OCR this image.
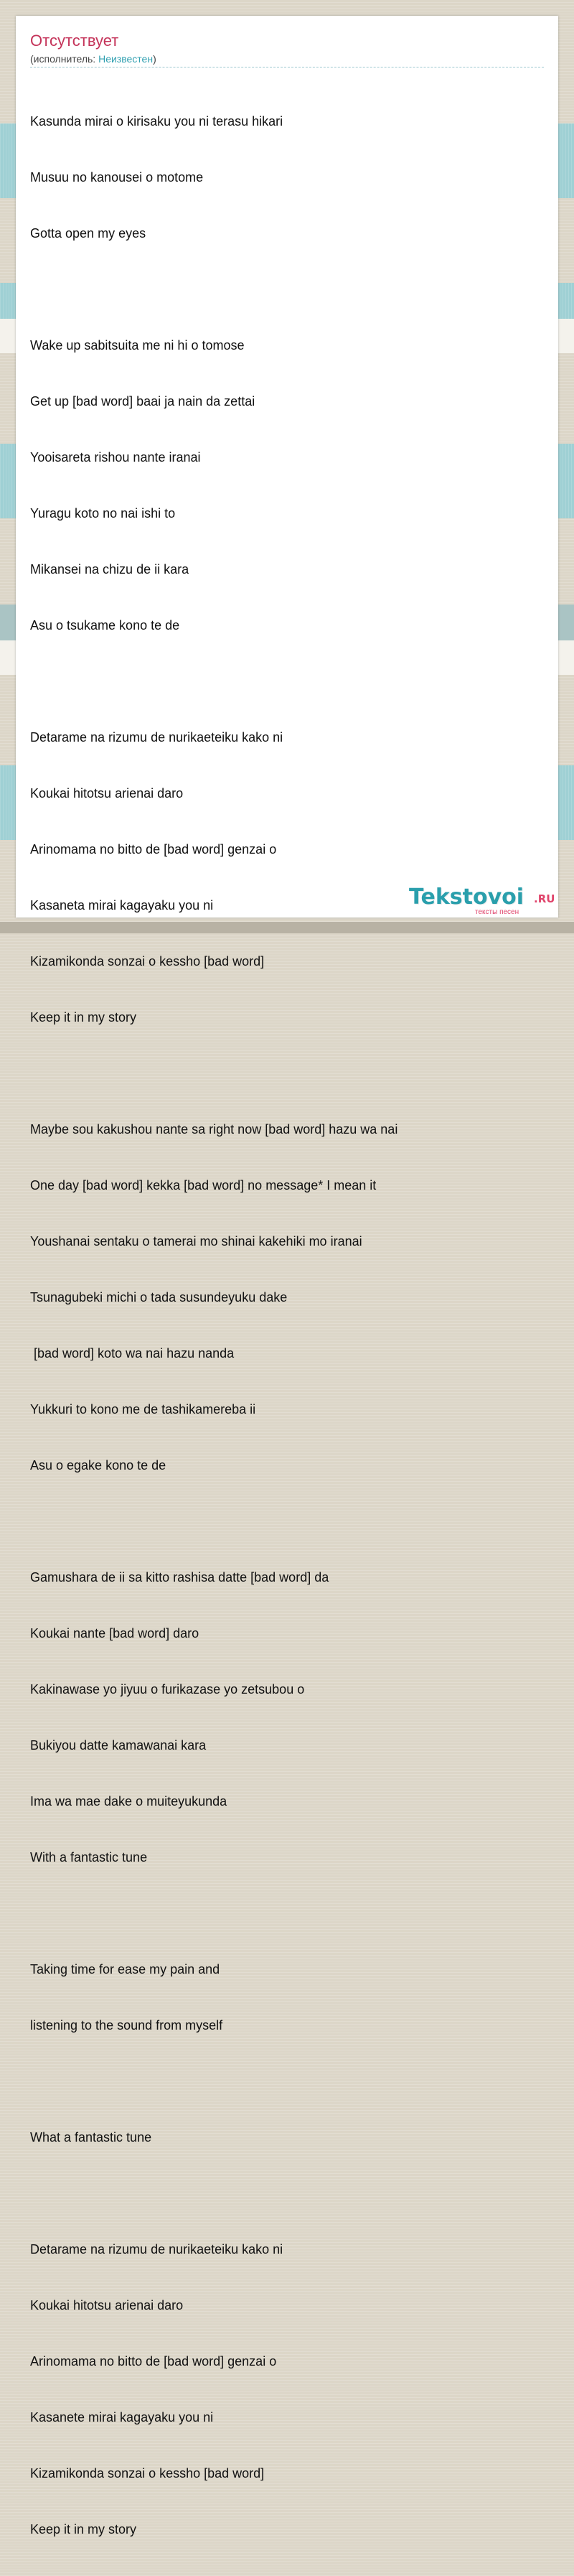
Отсутствует
(исполнитель: Неизвестен)

Kasunda mirai o kirisaku you ni terasu hikari

Musuu no kanousei o motome

Gotta open my eyes

Wake up sabitsuita me ni hi o tomose

Get up [bad word] baai ja nain da zettai

Yooisareta rishou nante iranai

Yuragu koto no nai ishi to

Mikansei na chizu de ii kara

Asu o tsukame kono te de

Detarame na rizumu de nurikaeteiku kako ni

Koukai hitotsu arienai daro

Arinomama no bitto de [bad word] genzai o

Kasaneta mirai kagayaku you ni

Kizamikonda sonzai o kessho [bad word]

Keep it in my story

Maybe sou kakushou nante sa right now [bad word] hazu wa nai

One day [bad word] kekka [bad word] no message* I mean it

Youshanai sentaku o tamerai mo shinai kakehiki mo iranai

Tsunagubeki michi o tada susundeyuku dake

[bad word] koto wa nai hazu nanda

Yukkuri to kono me de tashikamereba ii

Asu o egake kono te de

Gamushara de ii sa kitto rashisa datte [bad word] da

Koukai nante [bad word] daro

Kakinawase yo jiyuu o furikazase yo zetsubou o

Bukiyou datte kamawanai kara

Ima wa mae dake o muiteyukunda

With a fantastic tune

Taking time for ease my pain and

listening to the sound from myself

What a fantastic tune

Detarame na rizumu de nurikaeteiku kako ni

Koukai hitotsu arienai daro

Arinomama no bitto de [bad word] genzai o

Kasanete mirai kagayaku you ni

Kizamikonda sonzai o kessho [bad word]

Keep it in my story

Tekstovoi .RU
тексты песен
